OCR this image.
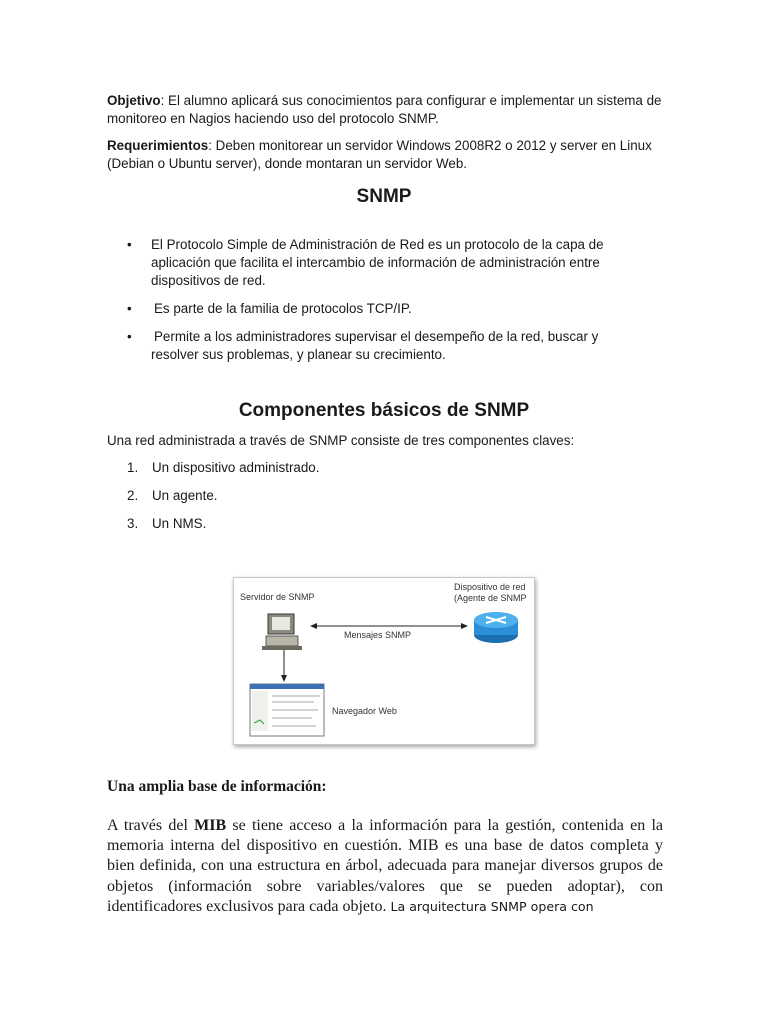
Objetivo: El alumno aplicará sus conocimientos para configurar e implementar un sistema de monitoreo en Nagios haciendo uso del protocolo SNMP.

Requerimientos: Deben monitorear un servidor Windows 2008R2 o 2012 y server en Linux (Debian o Ubuntu server), donde montaran un servidor Web.

SNMP
• El Protocolo Simple de Administración de Red es un protocolo de la capa de aplicación que facilita el intercambio de información de administración entre dispositivos de red.
• Es parte de la familia de protocolos TCP/IP.
• Permite a los administradores supervisar el desempeño de la red, buscar y resolver sus problemas, y planear su crecimiento.
Componentes básicos de SNMP

Una red administrada a través de SNMP consiste de tres componentes claves:

1. Un dispositivo administrado.
2. Un agente.
3. Un NMS.
Servidor de SNMP
Dispositivo de red
(Agente de SNMP
Mensajes SNMP
Navegador Web

Una amplia base de información:

A través del MIB se tiene acceso a la información para la gestión, contenida en la memoria interna del dispositivo en cuestión. MIB es una base de datos completa y bien definida, con una estructura en árbol, adecuada para manejar diversos grupos de objetos (información sobre variables/valores que se pueden adoptar), con identificadores exclusivos para cada objeto. La arquitectura SNMP opera con
